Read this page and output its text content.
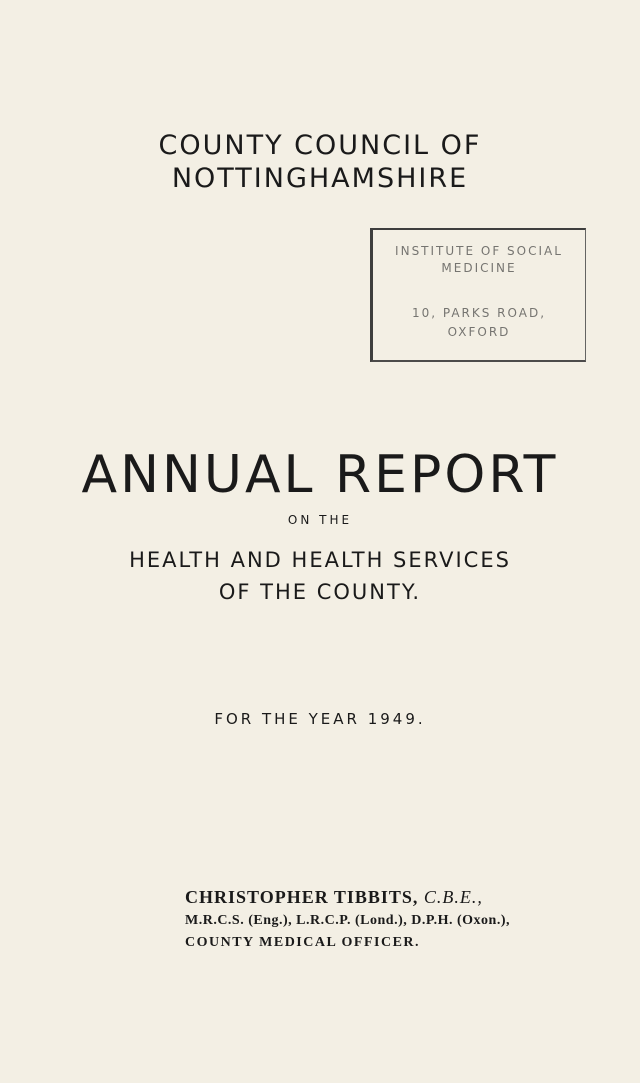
COUNTY COUNCIL OF
NOTTINGHAMSHIRE
INSTITUTE OF SOCIAL
MEDICINE
10, PARKS ROAD,
OXFORD
ANNUAL REPORT
ON THE
HEALTH AND HEALTH SERVICES
OF THE COUNTY.
FOR THE YEAR 1949.
CHRISTOPHER TIBBITS, C.B.E.,
M.R.C.S. (Eng.), L.R.C.P. (Lond.), D.P.H. (Oxon.),
COUNTY MEDICAL OFFICER.
